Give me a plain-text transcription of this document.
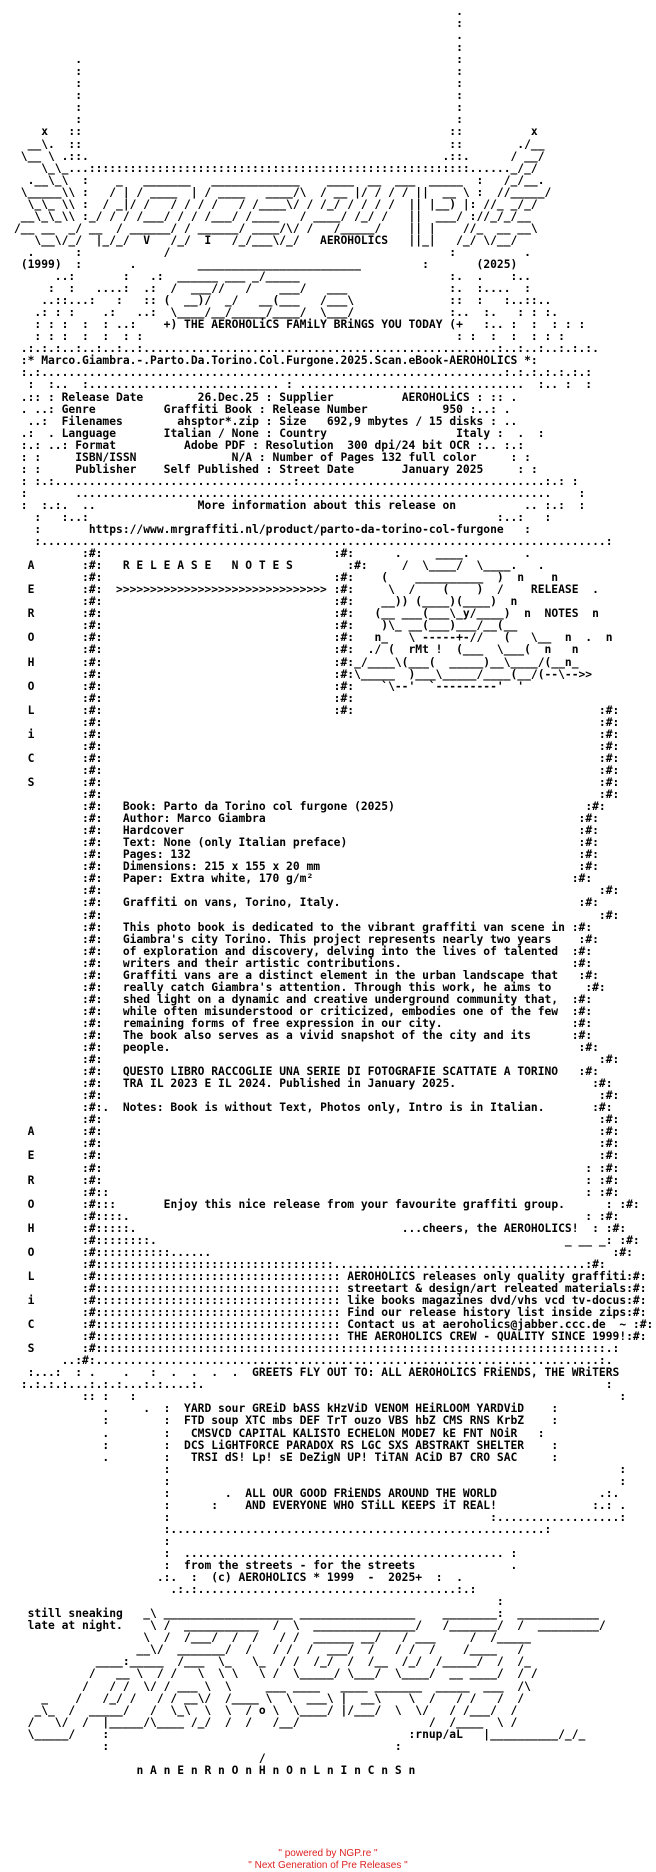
.
:
.
:
.                                                       :
:                                                       :
:                                                       :
:                                                       :
:                                                       :
:                                                       :
x   ::                                                      ::          x
__\.  ::                                                      ::        ./__
\__ \ .::.                                                    .::.      / __/
\_\_...::::::::::::::::::::::::::::::::::::::::::::::::::::::::......_/_/
.__\_\  :    _   _______   _____________    ____  __  ___  _____  :   /_/__.
\_____\\ :   / | / ____  | / ____   ____/\  / __ |/ / / / ||  __ \ :  //_____/
\_\_ \\ :  / _|/ /   / / / /   / /____\/ / /_/ / / / /  || |__) |: //_ _/_/
__\_\_\\ :_/ / / /___/ / / /___/ /____   / ____/ /_/ /   ||  ___/ ://_/_/__
/__ __  _/ __  / ______/ / ______/ ____/\/ /   /_____/    || |    //_  __ __\
\__\/_/  |_/_/  V   /_/  I   /_/___\/_/   AEROHOLICS   ||_|   /_/ \/__/
.      :            /                                         :          .
(1999)  :       .         ________________________         :       (2025)
..:       :   .:  ______ ___ _/_____                      :.  .    :..
:  :   ....:  .:  /  ___//   /    ___/   ___               :.  :....  :
..::...:   :   :: (  __)/  _/   __(___   /___\              ::  :   :..::..
.: : :    .:   ..:  \____/__/_____/____/  \___/              :..  :.   : : :.
: : :  :  : ..:    +) THE AEROHOLiCS FAMiLY BRiNGS YOU TODAY (+   :.. :  :  : : :
: : :  :  :  : :                                              : :  :  :  : : :
.:.:.:..:..:..:..:....................................................:..:..:..:.:.:.
:* Marco.Giambra.-.Parto.Da.Torino.Col.Furgone.2025.Scan.eBook-AEROHOLICS *:
:.:....................................................................:.:.:.:.:.:.:
:  :..  :............................ : .................................  :.. :  :
.:: : Release Date	26.Dec.25 : Supplier	AEROHOLiCS : :: .
. ..: Genre	Graffiti Book : Release Number	950 :..: .
..:  Filenames	ahsptor*.zip : Size 692,9 mbytes / 15 disks : ..
.:  . Language	Italian / None : Country	Italy :  .  :
:.: ..: Format	Adobe PDF : Resolution 300 dpi/24 bit OCR :.. :.:
: :	ISBN/ISSN	N/A : Number of Pages 132 full color	: :
: :	Publisher Self Published : Street Date	January 2025	: :
: :.:...................................:....................................:.: :
:       ......................................................................    :
:  :.:.  ..	More information about this release on	.. :.:  :
:   :..:                                                            :..:   :
:	https://www.mrgraffiti.nl/product/parto-da-torino-col-furgone   :
:...................................................................................:
:#:                                  :#:      .     ____.        .
A       :#:   R E L E A S E   N O T E S	:#:     /  \____/  \____.   .
:#:                                  :#:    (    __________  )  n    n
E       :#:  >>>>>>>>>>>>>>>>>>>>>>>>>>>>>>> :#:     \  /    (    )  /    RELEASE  .
:#:                                  :#:    __)) (____)(____)  n
R       :#:                                  :#:   (__ ___(___\_y/____)  n  NOTES  n
:#:                                  :#:    )\_ __(___)___/__(__
O       :#:                                  :#:   n_   \ -----+-//   (   \__  n  .  n
:#:                                  :#:  ./ (  rMt !  (___  \___(  n   n
H       :#:                                  :#:_/____\(___(  _____)__\____/(__n_
:#:                                  :#:\_____  )___\_____/____(__/(--\-->>
O       :#:                                  :#:    `\--'  `---------'  '
:#:                                  :#:
L       :#:                                  :#:                                    :#:
:#:                                                                         :#:
i       :#:                                                                         :#:
:#:                                                                         :#:
C       :#:                                                                         :#:
:#:                                                                         :#:
S       :#:                                                                         :#:
:#:                                                                         :#:
:#:   Book: Parto da Torino col furgone (2025)	:#:
:#:   Author: Marco Giambra	:#:
:#:   Hardcover	:#:
:#:   Text: None (only Italian preface)	:#:
:#:   Pages: 132	:#:
:#:   Dimensions: 215 x 155 x 20 mm	:#:
:#:   Paper: Extra white, 170 g/m²	:#:
:#:                                                                         :#:
:#:   Graffiti on vans, Torino, Italy.	:#:
:#:                                                                         :#:
:#:   This photo book is dedicated to the vibrant graffiti van scene in :#:
:#:   Giambra's city Torino. This project represents nearly two years    :#:
:#:   of exploration and discovery, delving into the lives of talented  :#:
:#:   writers and their artistic contributions.	:#:
:#:   Graffiti vans are a distinct element in the urban landscape that   :#:
:#:   really catch Giambra's attention. Through this work, he aims to	:#:
:#:   shed light on a dynamic and creative underground community that,  :#:
:#:   while often misunderstood or criticized, embodies one of the few  :#:
:#:   remaining forms of free expression in our city.	:#:
:#:   The book also serves as a vivid snapshot of the city and its	:#:
:#:   people.	:#:
:#:                                                                         :#:
:#:   QUESTO LIBRO RACCOGLIE UNA SERIE DI FOTOGRAFIE SCATTATE A TORINO   :#:
:#:   TRA IL 2023 E IL 2024. Published in January 2025.	:#:
:#:                                                                         :#:
:#:.  Notes: Book is without Text, Photos only, Intro is in Italian.	:#:
:#:                                                                         :#:
A       :#:                                                                         :#:
:#:                                                                         :#:
E       :#:                                                                         :#:
:#:                                                                       : :#:
R       :#:                                                                       : :#:
:#::                                                                      : :#:
O       :#:::	Enjoy this nice release from your favourite graffiti group.	: :#:
:#::::.                                                                   : :#:
H       :#:::::.	...cheers, the AEROHOLICS!  : :#:
:#::::::::.                                                            _ __ _: :#:
O       :#:::::::::::......                                                           :#:
:#:::::::::::::::::::::::::::::::::::.....................................:#:
L       :#:::::::::::::::::::::::::::::::::::: AEROHOLICS releases only quality graffiti:#:
:#:::::::::::::::::::::::::::::::::::: streetart & design/art releated materials:#:
i       :#:::::::::::::::::::::::::::::::::::: like books magazines dvd/vhs vcd tv-docus:#:
:#:::::::::::::::::::::::::::::::::::: Find our release history list inside zips:#:
C       :#:::::::::::::::::::::::::::::::::::: Contact us at aeroholics@jabber.ccc.de  ~ :#:
:#:::::::::::::::::::::::::::::::::::: THE AEROHOLICS CREW - QUALITY SINCE 1999!:#:
S       :#:::::::::::::::::::::::::::::::::::::::::::::::::::::::::::::::::::::::::::.:
..:#:..........................................................................:.
:...:  : .    .   :  .  .  .  .  GREETS FLY OUT TO: ALL AEROHOLICS FRiENDS, THE WRiTERS
:.:.:.:...:.:.:...:.:....:.                                                           :
:: :   :                                                                       :
.     .  :  YARD sour GREiD bASS kHzViD VENOM HEiRLOOM YARDViD    :
:        :  FTD soup XTC mbs DEF TrT ouzo VBS hbZ CMS RNS KrbZ    :
.        :   CMSVCD CAPITAL KALISTO ECHELON MODE7 kE FNT NOiR   :
:        :  DCS LiGHTFORCE PARADOX RS LGC SXS ABSTRAKT SHELTER    :
.        :   TRSI dS! Lp! sE DeZigN UP! TiTAN ACiD B7 CRO SAC	:
:                                                                  :
:                                                                  :
:        .  ALL OUR GOOD FRiENDS AROUND THE WORLD	.:.
:      :    AND EVERYONE WHO STiLL KEEPS iT REAL!	:.: .
:                                               :..................:
:.......................................................:
:
:  ............................................... :
:  from the streets - for the streets	.
.:.  :  (c) AEROHOLICS * 1999  -  2025+  :  .
.:.:......................................:.:
:
still sneaking   _\ ___________________ _________________    ________:  ____________
late at night.    \ /  ___________  /  \  _______________/   /_______/  /  _________/
\  /  /___/  /  /   / /  ______ __/   / ___     /  /_____
__\/  _______/  /   / /  /  ___/  /   / /  /    /____   /
____:_____  /___  \_   \_  / /  /_/  /  /__  /_/  /_____/  /  /_
/   __ \  / /   \  \ \   \ /  \_____/ \___/  \____/  __ ____/  / /
/   / /  \/ / ___ \  \     ___ ____   ____ _______  _____  ___  /\
_    /   /_/ /   / / __\/  /____ \  \  ___\ |  __\    \  /   / /   /  /
_\_  /  _____/   /  \_\  \  \  / o \  \____/ |/___/  \  \/   / /___/  /
/   \/  /  |_____/\____ /_/  /  /   /__/                   /  /____  \ /
\_____/    :                                            :rnup/aL   |__________/_/_
:                                          :
/
n A n E n R n O n H n O n L n I n C n S n

" powered by NGP.re "
" Next Generation of Pre Releases "
